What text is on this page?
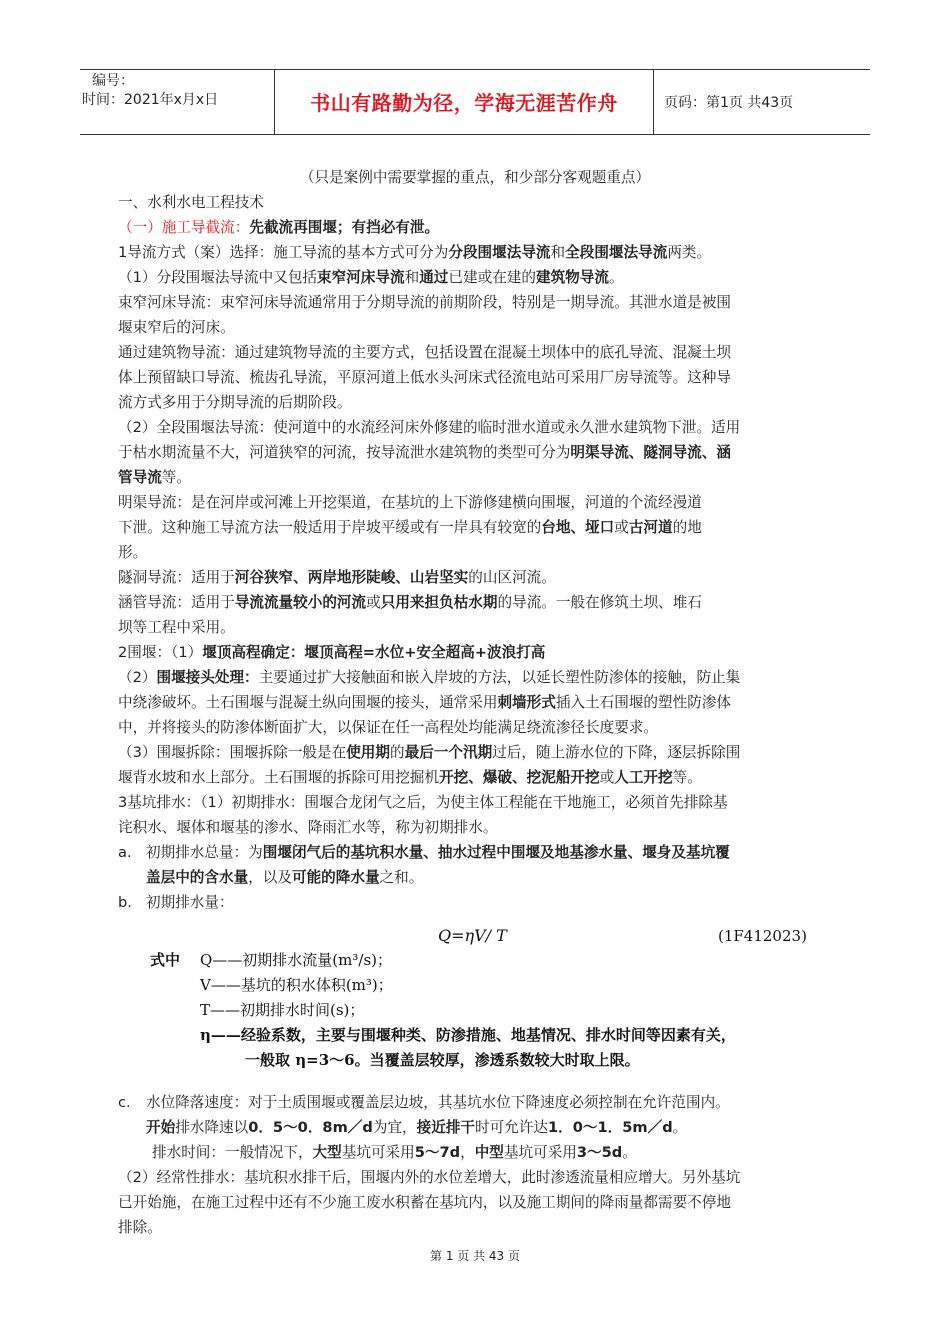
编号：
时间：2021年x月x日	书山有路勤为径，学海无涯苦作舟	页码：第1页 共43页
（只是案例中需要掌握的重点，和少部分客观题重点）
一、水利水电工程技术
（一）施工导截流：先截流再围堰；有挡必有泄。
1导流方式（案）选择：施工导流的基本方式可分为分段围堰法导流和全段围堰法导流两类。
（1）分段围堰法导流中又包括束窄河床导流和通过已建或在建的建筑物导流。
束窄河床导流：束窄河床导流通常用于分期导流的前期阶段，特别是一期导流。其泄水道是被围
堰束窄后的河床。
通过建筑物导流：通过建筑物导流的主要方式，包括设置在混凝土坝体中的底孔导流、混凝土坝
体上预留缺口导流、梳齿孔导流，平原河道上低水头河床式径流电站可采用厂房导流等。这种导
流方式多用于分期导流的后期阶段。
（2）全段围堰法导流：使河道中的水流经河床外修建的临时泄水道或永久泄水建筑物下泄。适用
于枯水期流量不大，河道狭窄的河流，按导流泄水建筑物的类型可分为明渠导流、隧洞导流、涵
管导流等。
明渠导流：是在河岸或河滩上开挖渠道，在基坑的上下游修建横向围堰，河道的个流经漫道
下泄。这种施工导流方法一般适用于岸坡平缓或有一岸具有较宽的台地、垭口或古河道的地
形。
隧洞导流：适用于河谷狭窄、两岸地形陡峻、山岩坚实的山区河流。
涵管导流：适用于导流流量较小的河流或只用来担负枯水期的导流。一般在修筑土坝、堆石
坝等工程中采用。
2围堰：（1）堰顶高程确定：堰顶高程=水位+安全超高+波浪打高
（2）围堰接头处理：主要通过扩大接触面和嵌入岸坡的方法，以延长塑性防渗体的接触，防止集
中绕渗破坏。土石围堰与混凝土纵向围堰的接头，通常采用刺墙形式插入土石围堰的塑性防渗体
中，并将接头的防渗体断面扩大，以保证在任一高程处均能满足绕流渗径长度要求。
（3）围堰拆除：围堰拆除一般是在使用期的最后一个汛期过后，随上游水位的下降，逐层拆除围
堰背水坡和水上部分。土石围堰的拆除可用挖掘机开挖、爆破、挖泥船开挖或人工开挖等。
3基坑排水：（1）初期排水：围堰合龙闭气之后，为使主体工程能在干地施工，必须首先排除基
诧积水、堰体和堰基的渗水、降雨汇水等，称为初期排水。
a. 初期排水总量：为围堰闭气后的基坑积水量、抽水过程中围堰及地基渗水量、堰身及基坑覆
盖层中的含水量，以及可能的降水量之和。
b. 初期排水量：
Q=ηV/ T	(1F412023)
式中 Q——初期排水流量(m³/s)；
V——基坑的积水体积(m³)；
T——初期排水时间(s)；
η——经验系数，主要与围堰种类、防渗措施、地基情况、排水时间等因素有关，
一般取 η=3～6。当覆盖层较厚，渗透系数较大时取上限。
c. 水位降落速度：对于土质围堰或覆盖层边坡，其基坑水位下降速度必须控制在允许范围内。
开始排水降速以0．5～0．8m／d为宜，接近排干时可允许达1．0～1．5m／d。
排水时间：一般情况下，大型基坑可采用5～7d，中型基坑可采用3～5d。
（2）经常性排水：基坑积水排干后，围堰内外的水位差增大，此时渗透流量相应增大。另外基坑
已开始施，在施工过程中还有不少施工废水积蓄在基坑内，以及施工期间的降雨量都需要不停地
排除。
第 1 页 共 43 页
